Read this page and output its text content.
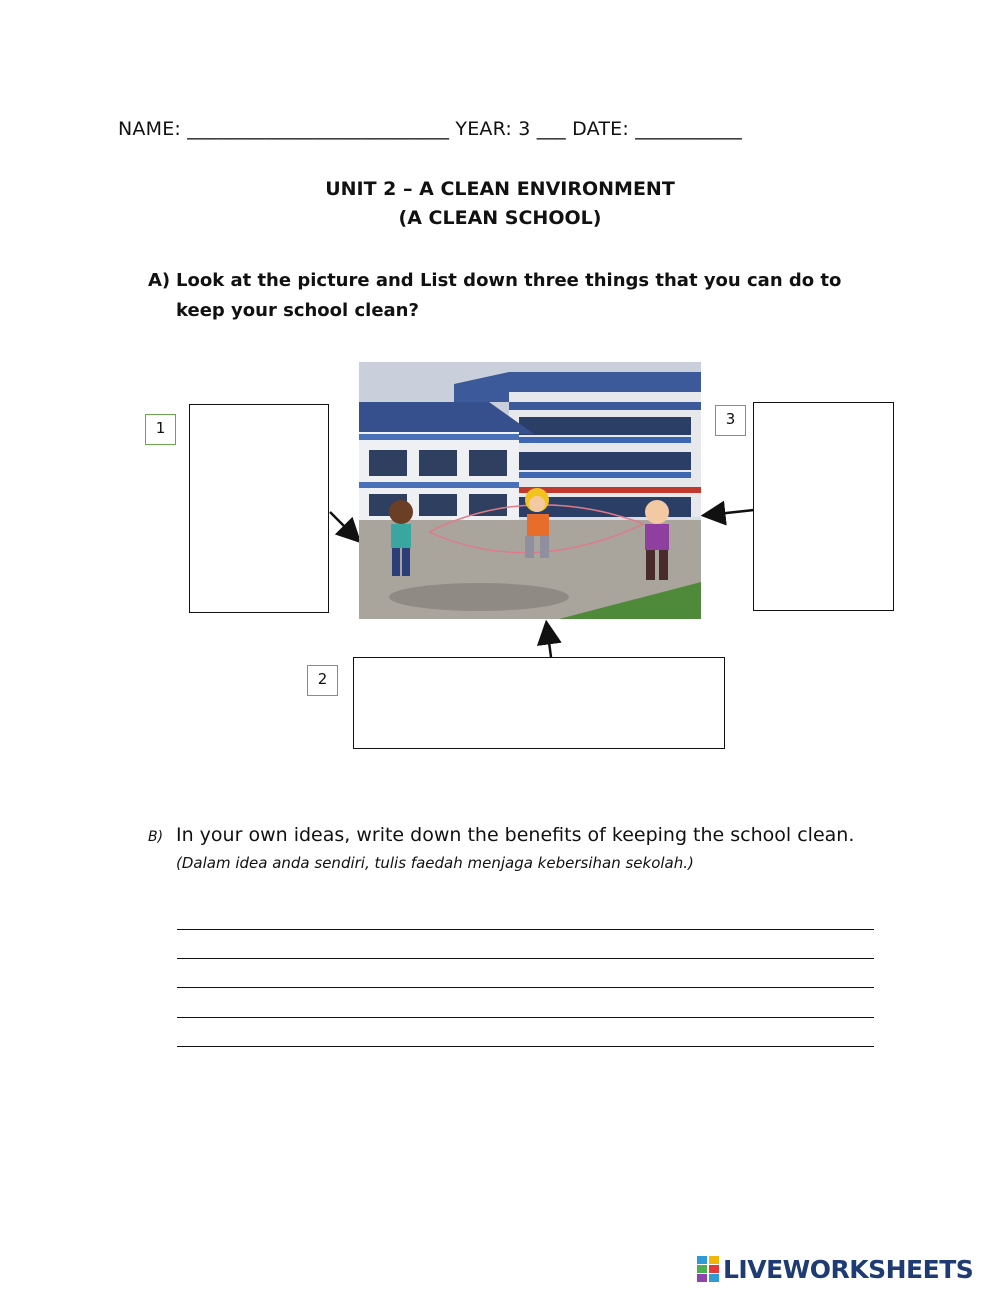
NAME: ___________________________ YEAR: 3 ___ DATE: ___________
UNIT 2 – A CLEAN ENVIRONMENT
(A CLEAN SCHOOL)
A) Look at the picture and List down three things that you can do to keep your school clean?
1
2
3
B) In your own ideas, write down the benefits of keeping the school clean.
(Dalam idea anda sendiri, tulis faedah menjaga kebersihan sekolah.)
LIVEWORKSHEETS
